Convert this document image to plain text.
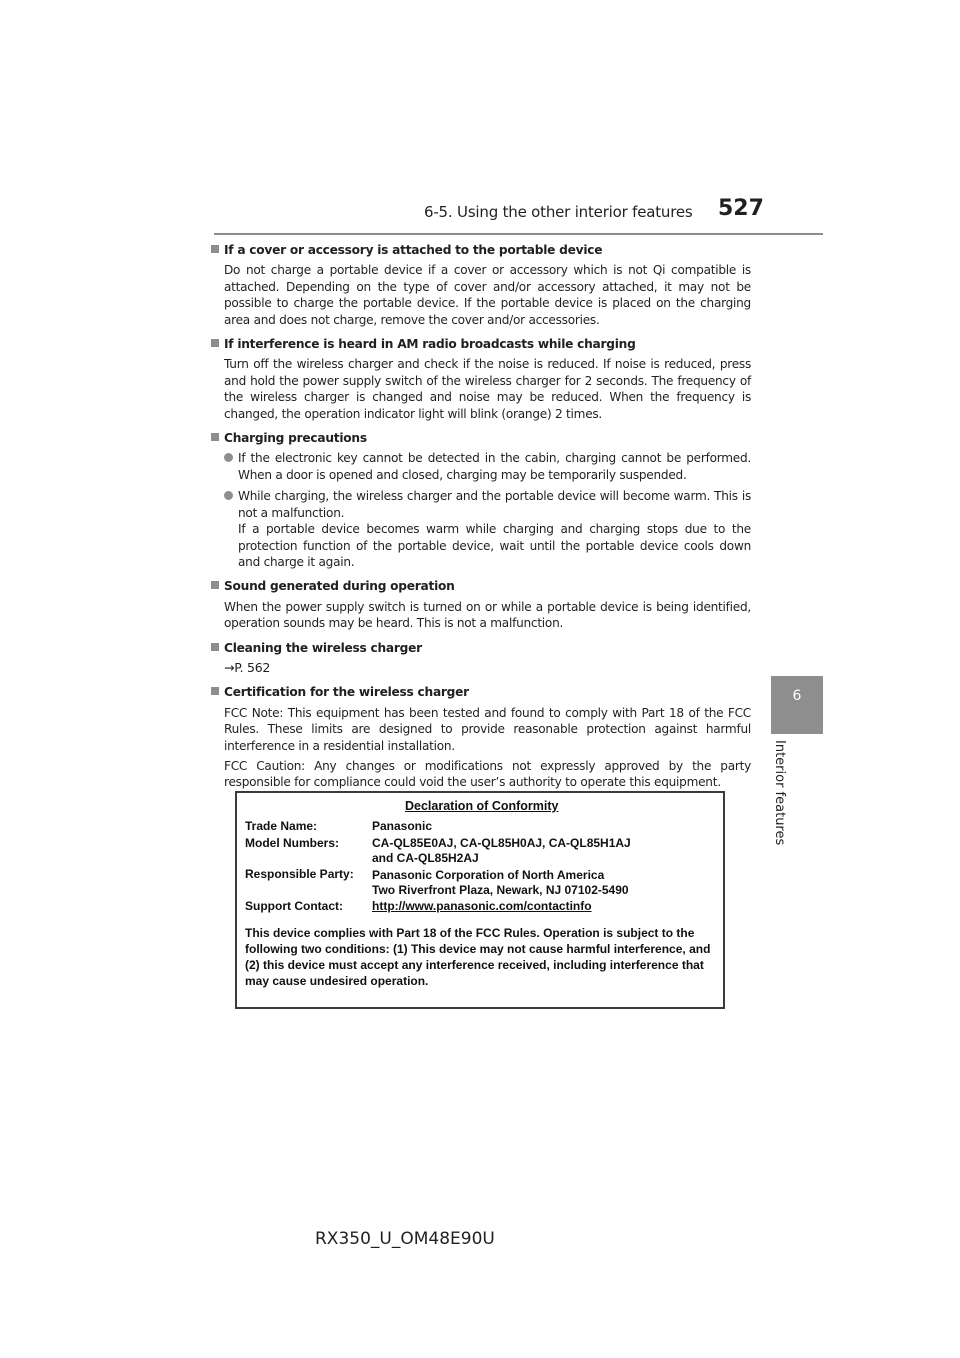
6-5. Using the other interior features 527
6
Interior features
If a cover or accessory is attached to the portable device

Do not charge a portable device if a cover or accessory which is not Qi compatible is attached. Depending on the type of cover and/or accessory attached, it may not be possible to charge the portable device. If the portable device is placed on the charging area and does not charge, remove the cover and/or accessories.

If interference is heard in AM radio broadcasts while charging

Turn off the wireless charger and check if the noise is reduced. If noise is reduced, press and hold the power supply switch of the wireless charger for 2 seconds. The frequency of the wireless charger is changed and noise may be reduced. When the frequency is changed, the operation indicator light will blink (orange) 2 times.

Charging precautions

If the electronic key cannot be detected in the cabin, charging cannot be performed. When a door is opened and closed, charging may be temporarily suspended.

While charging, the wireless charger and the portable device will become warm. This is not a malfunction.

If a portable device becomes warm while charging and charging stops due to the protection function of the portable device, wait until the portable device cools down and charge it again.

Sound generated during operation

When the power supply switch is turned on or while a portable device is being identified, operation sounds may be heard. This is not a malfunction.

Cleaning the wireless charger

→P. 562

Certification for the wireless charger

FCC Note: This equipment has been tested and found to comply with Part 18 of the FCC Rules. These limits are designed to provide reasonable protection against harmful interference in a residential installation.

FCC Caution: Any changes or modifications not expressly approved by the party responsible for compliance could void the user’s authority to operate this equipment.

Declaration of Conformity
Trade Name:	Panasonic
Model Numbers:	CA-QL85E0AJ, CA-QL85H0AJ, CA-QL85H1AJ
and CA-QL85H2AJ
Responsible Party: Panasonic Corporation of North America
Two Riverfront Plaza, Newark, NJ 07102-5490
Support Contact: http://www.panasonic.com/contactinfo
This device complies with Part 18 of the FCC Rules. Operation is subject to the following two conditions: (1) This device may not cause harmful interference, and (2) this device must accept any interference received, including interference that may cause undesired operation.
RX350_U_OM48E90U
